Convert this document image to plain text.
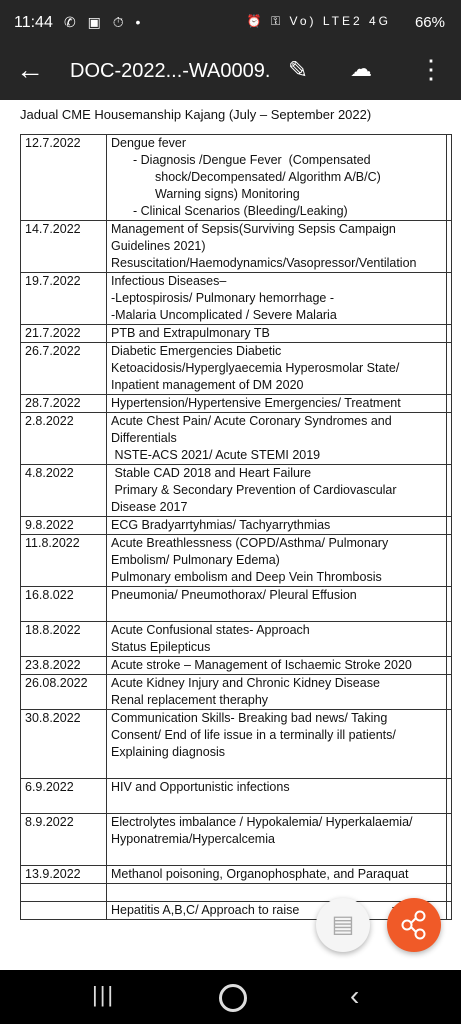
11:44 ✆ ▣ ⏱ •	⏰ ⚿ Vo) LTE2 4G 66%
← DOC-2022...-WA0009. ✎ ☁ ⋮
Jadual CME Housemanship Kajang (July – September 2022)
12.7.2022	Dengue fever
- Diagnosis /Dengue Fever  (Compensated
shock/Decompensated/ Algorithm A/B/C)
Warning signs) Monitoring
- Clinical Scenarios (Bleeding/Leaking)	

14.7.2022	Management of Sepsis(Surviving Sepsis Campaign
Guidelines 2021)
Resuscitation/Haemodynamics/Vasopressor/Ventilation	

19.7.2022	Infectious Diseases–
-Leptospirosis/ Pulmonary hemorrhage -
-Malaria Uncomplicated / Severe Malaria	

21.7.2022	PTB and Extrapulmonary TB	

26.7.2022	Diabetic Emergencies Diabetic
Ketoacidosis/Hyperglyaecemia Hyperosmolar State/
Inpatient management of DM 2020	

28.7.2022	Hypertension/Hypertensive Emergencies/ Treatment	

2.8.2022	Acute Chest Pain/ Acute Coronary Syndromes and
Differentials
NSTE-ACS 2021/ Acute STEMI 2019	

4.8.2022	Stable CAD 2018 and Heart Failure
Primary & Secondary Prevention of Cardiovascular
Disease 2017	

9.8.2022	ECG Bradyarrtyhmias/ Tachyarrythmias	

11.8.2022	Acute Breathlessness (COPD/Asthma/ Pulmonary
Embolism/ Pulmonary Edema)
Pulmonary embolism and Deep Vein Thrombosis	

16.8.022	Pneumonia/ Pneumothorax/ Pleural Effusion	

18.8.2022	Acute Confusional states- Approach
Status Epilepticus	

23.8.2022	Acute stroke – Management of Ischaemic Stroke 2020	

26.08.2022	Acute Kidney Injury and Chronic Kidney Disease
Renal replacement theraphy	

30.8.2022	Communication Skills- Breaking bad news/ Taking
Consent/ End of life issue in a terminally ill patients/
Explaining diagnosis	

6.9.2022	HIV and Opportunistic infections	

8.9.2022	Electrolytes imbalance / Hypokalemia/ Hyperkalaemia/
Hyponatremia/Hypercalcemia	

13.9.2022	Methanol poisoning, Organophosphate, and Paraquat	

	Hepatitis A,B,C/ Approach to raise	

▤
|||	‹
